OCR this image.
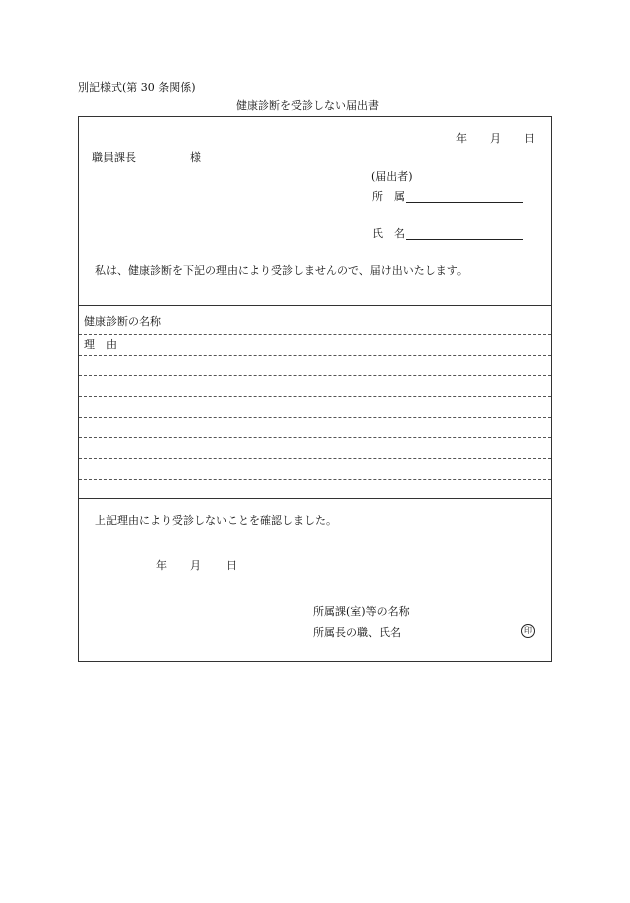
別記様式(第 30 条関係)
健康診断を受診しない届出書
年 月 日
職員課長	様
(届出者)
所　属
氏　名
私は、健康診断を下記の理由により受診しませんので、届け出いたします。
健康診断の名称
理　由
上記理由により受診しないことを確認しました。
年 月 日
所属課(室)等の名称
所属長の職、氏名	印
